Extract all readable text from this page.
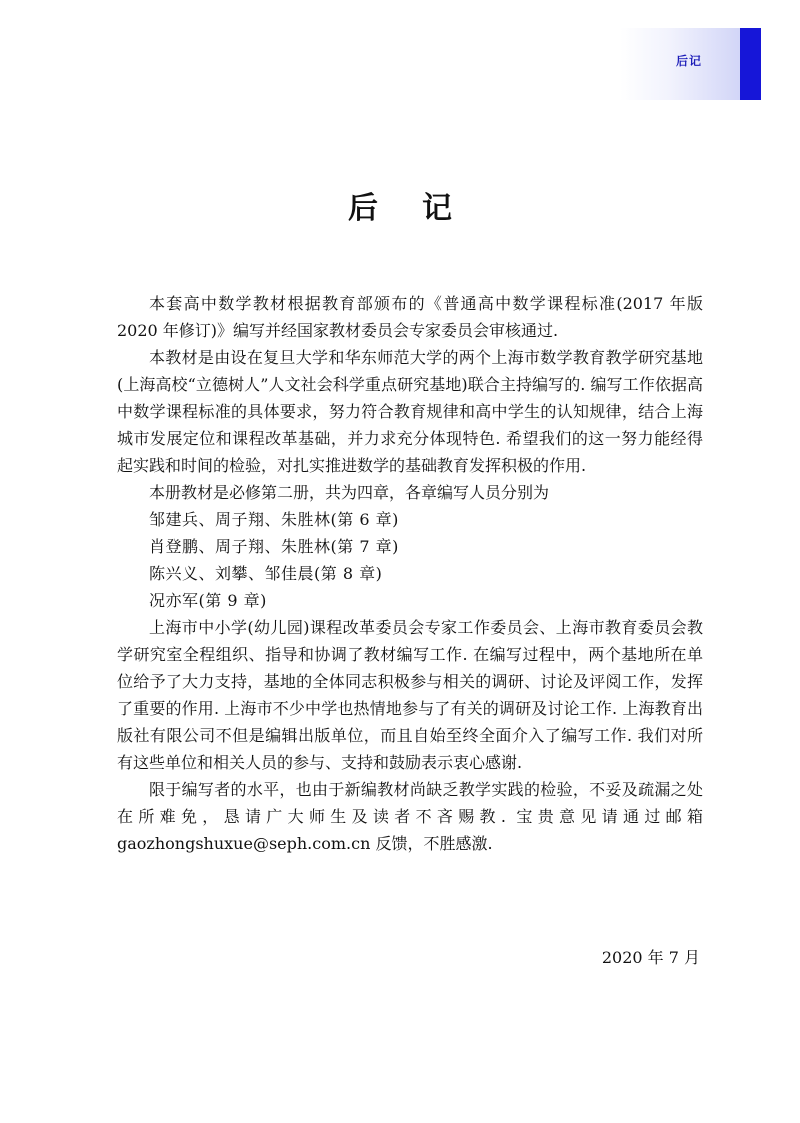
后记
后记

本套高中数学教材根据教育部颁布的《普通高中数学课程标准(2017 年版 2020 年修订)》编写并经国家教材委员会专家委员会审核通过.

本教材是由设在复旦大学和华东师范大学的两个上海市数学教育教学研究基地(上海高校“立德树人”人文社会科学重点研究基地)联合主持编写的. 编写工作依据高中数学课程标准的具体要求，努力符合教育规律和高中学生的认知规律，结合上海城市发展定位和课程改革基础，并力求充分体现特色. 希望我们的这一努力能经得起实践和时间的检验，对扎实推进数学的基础教育发挥积极的作用.

本册教材是必修第二册，共为四章，各章编写人员分别为

邹建兵、周子翔、朱胜林(第 6 章)

肖登鹏、周子翔、朱胜林(第 7 章)

陈兴义、刘攀、邹佳晨(第 8 章)

况亦军(第 9 章)

上海市中小学(幼儿园)课程改革委员会专家工作委员会、上海市教育委员会教学研究室全程组织、指导和协调了教材编写工作. 在编写过程中，两个基地所在单位给予了大力支持，基地的全体同志积极参与相关的调研、讨论及评阅工作，发挥了重要的作用. 上海市不少中学也热情地参与了有关的调研及讨论工作. 上海教育出版社有限公司不但是编辑出版单位，而且自始至终全面介入了编写工作. 我们对所有这些单位和相关人员的参与、支持和鼓励表示衷心感谢.

限于编写者的水平，也由于新编教材尚缺乏教学实践的检验，不妥及疏漏之处在所难免，恳请广大师生及读者不吝赐教. 宝贵意见请通过邮箱 gaozhongshuxue@seph.com.cn 反馈，不胜感激.

2020 年 7 月
